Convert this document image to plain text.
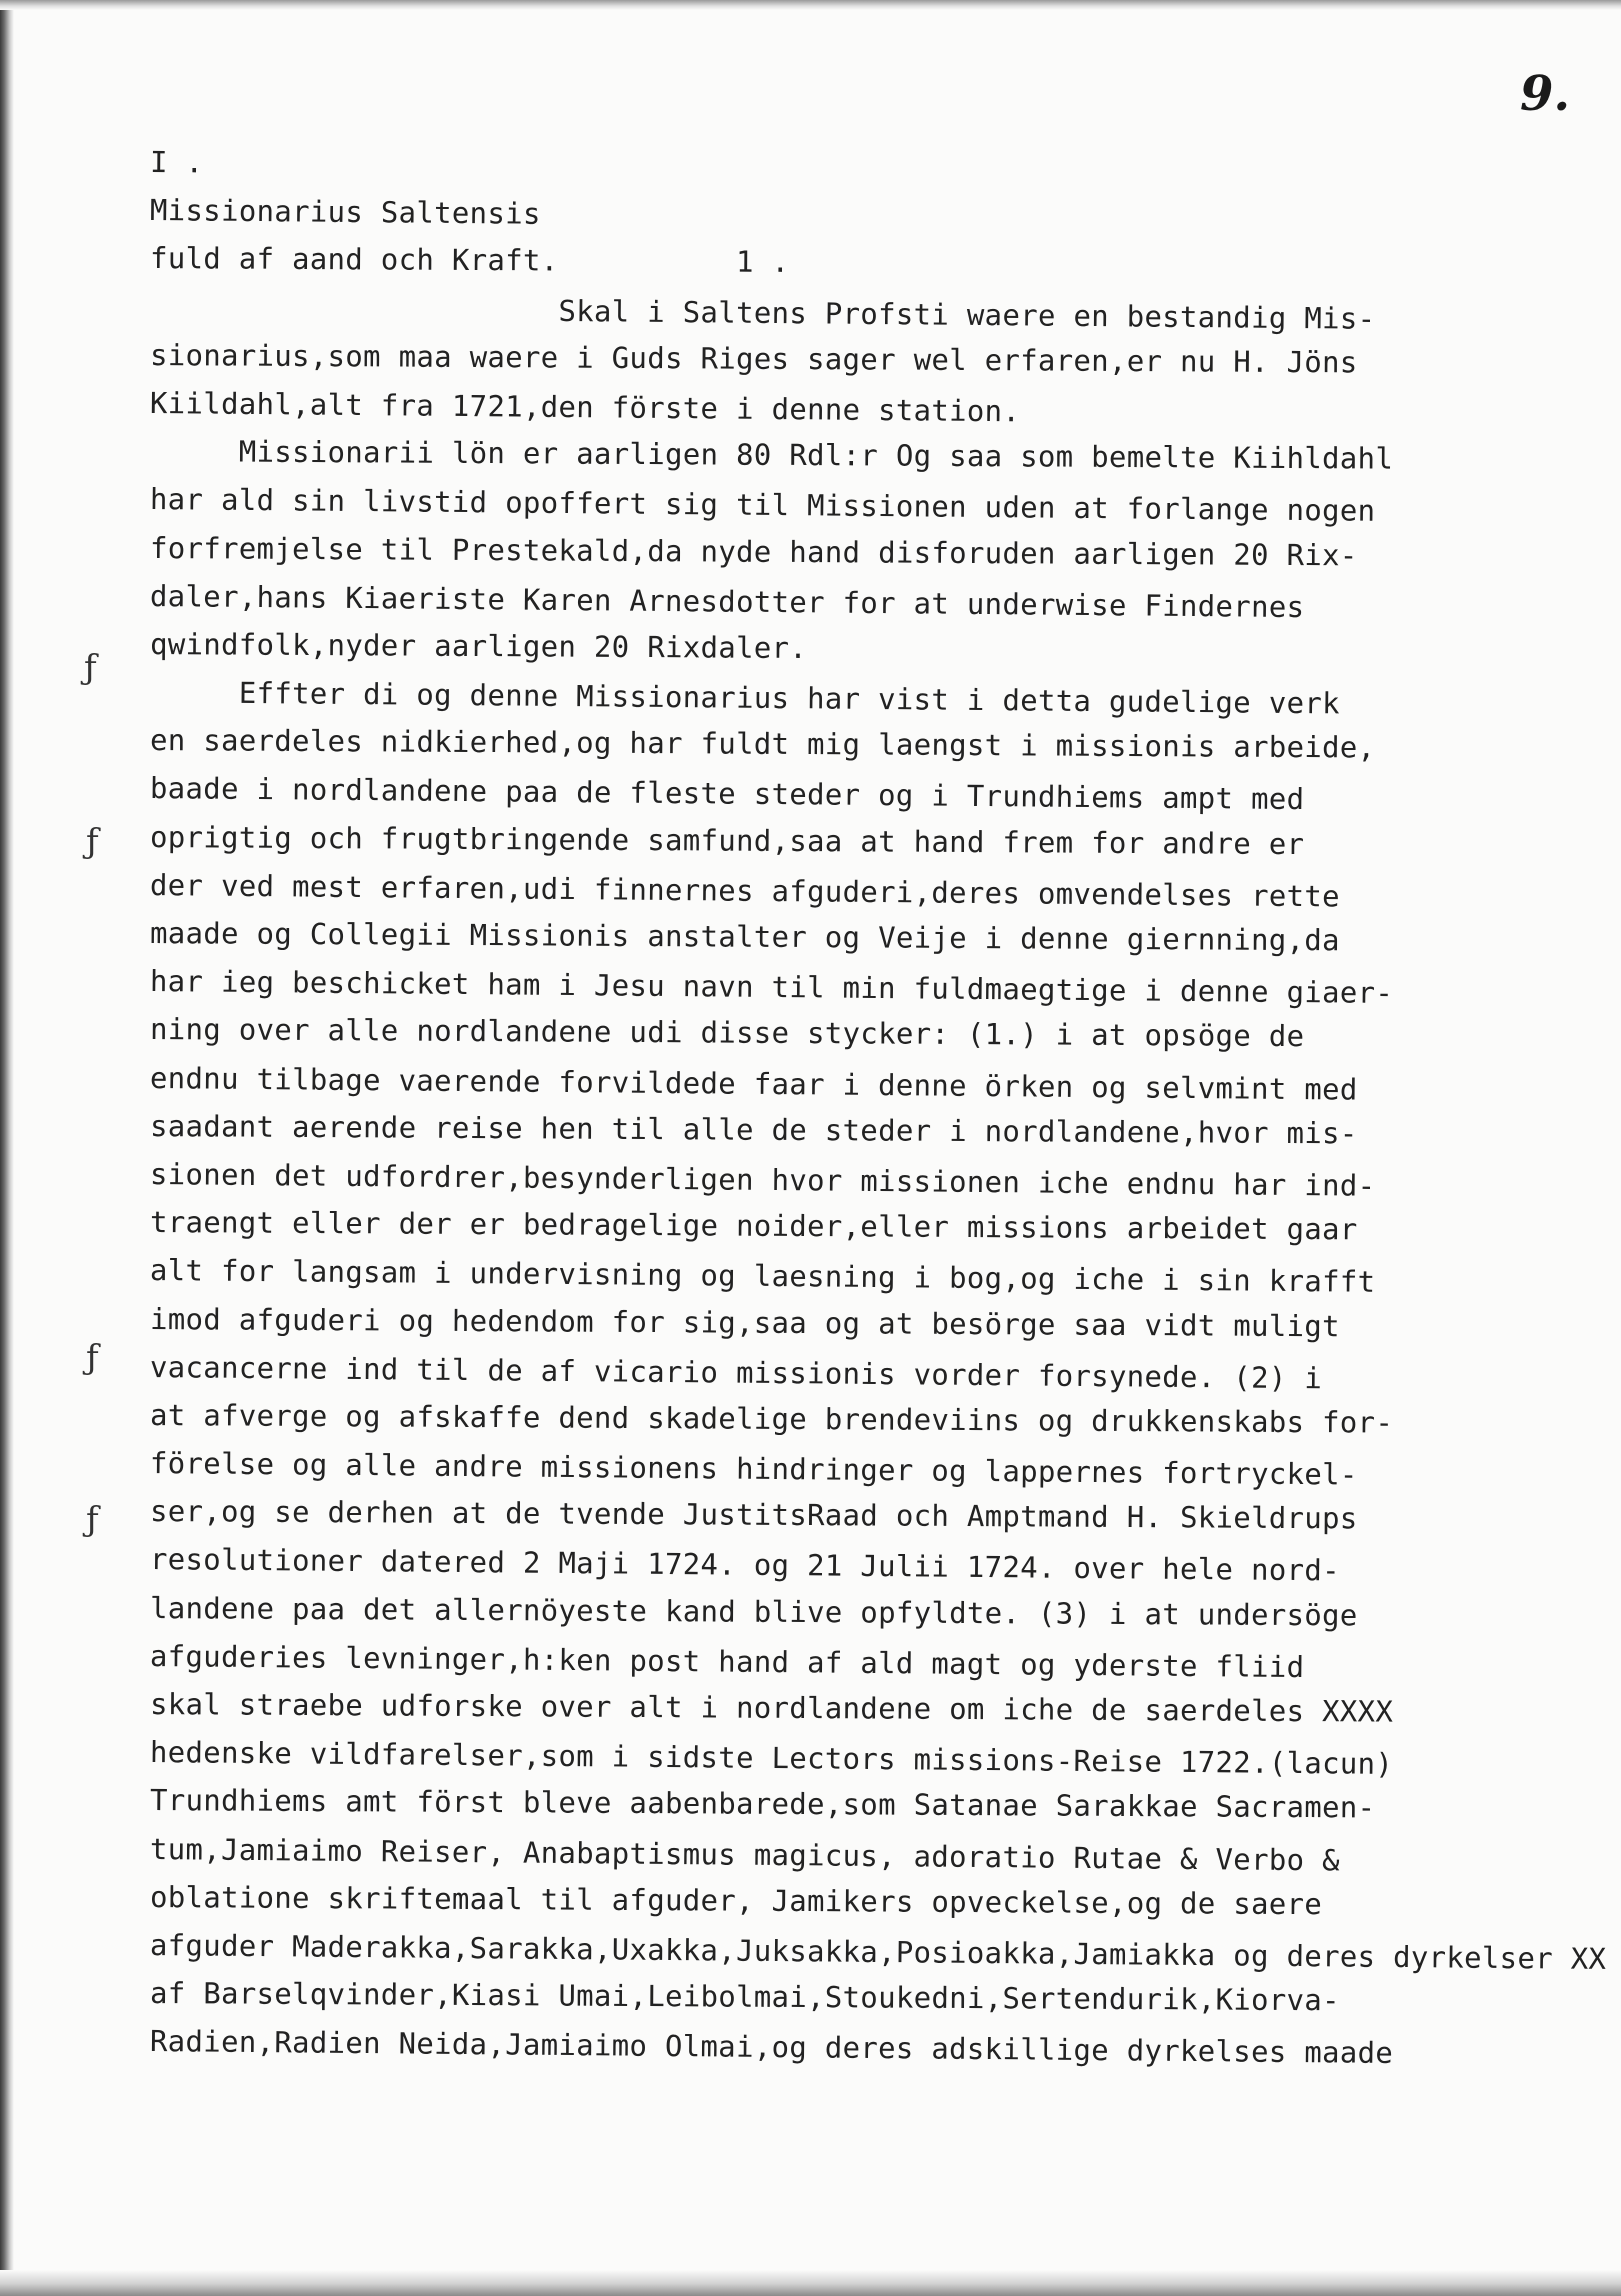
9.
ƒ
ƒ
ƒ
ƒ
I .
Missionarius Saltensis
fuld af aand och Kraft.          1 .
Skal i Saltens Profsti waere en bestandig Mis-
sionarius,som maa waere i Guds Riges sager wel erfaren,er nu H. Jöns
Kiildahl,alt fra 1721,den förste i denne station.
Missionarii lön er aarligen 80 Rdl:r Og saa som bemelte Kiihldahl
har ald sin livstid opoffert sig til Missionen uden at forlange nogen
forfremjelse til Prestekald,da nyde hand disforuden aarligen 20 Rix-
daler,hans Kiaeriste Karen Arnesdotter for at underwise Findernes
qwindfolk,nyder aarligen 20 Rixdaler.
Effter di og denne Missionarius har vist i detta gudelige verk
en saerdeles nidkierhed,og har fuldt mig laengst i missionis arbeide,
baade i nordlandene paa de fleste steder og i Trundhiems ampt med
oprigtig och frugtbringende samfund,saa at hand frem for andre er
der ved mest erfaren,udi finnernes afguderi,deres omvendelses rette
maade og Collegii Missionis anstalter og Veije i denne giernning,da
har ieg beschicket ham i Jesu navn til min fuldmaegtige i denne giaer-
ning over alle nordlandene udi disse stycker: (1.) i at opsöge de
endnu tilbage vaerende forvildede faar i denne örken og selvmint med
saadant aerende reise hen til alle de steder i nordlandene,hvor mis-
sionen det udfordrer,besynderligen hvor missionen iche endnu har ind-
traengt eller der er bedragelige noider,eller missions arbeidet gaar
alt for langsam i undervisning og laesning i bog,og iche i sin krafft
imod afguderi og hedendom for sig,saa og at besörge saa vidt muligt
vacancerne ind til de af vicario missionis vorder forsynede. (2) i
at afverge og afskaffe dend skadelige brendeviins og drukkenskabs for-
förelse og alle andre missionens hindringer og lappernes fortryckel-
ser,og se derhen at de tvende JustitsRaad och Amptmand H. Skieldrups
resolutioner datered 2 Maji 1724. og 21 Julii 1724. over hele nord-
landene paa det allernöyeste kand blive opfyldte. (3) i at undersöge
afguderies levninger,h:ken post hand af ald magt og yderste fliid
skal straebe udforske over alt i nordlandene om iche de saerdeles XXXX
hedenske vildfarelser,som i sidste Lectors missions-Reise 1722.(lacun)
Trundhiems amt först bleve aabenbarede,som Satanae Sarakkae Sacramen-
tum,Jamiaimo Reiser, Anabaptismus magicus, adoratio Rutae & Verbo &
oblatione skriftemaal til afguder, Jamikers opveckelse,og de saere
afguder Maderakka,Sarakka,Uxakka,Juksakka,Posioakka,Jamiakka og deres dyrkelser XX
af Barselqvinder,Kiasi Umai,Leibolmai,Stoukedni,Sertendurik,Kiorva-
Radien,Radien Neida,Jamiaimo Olmai,og deres adskillige dyrkelses maade
